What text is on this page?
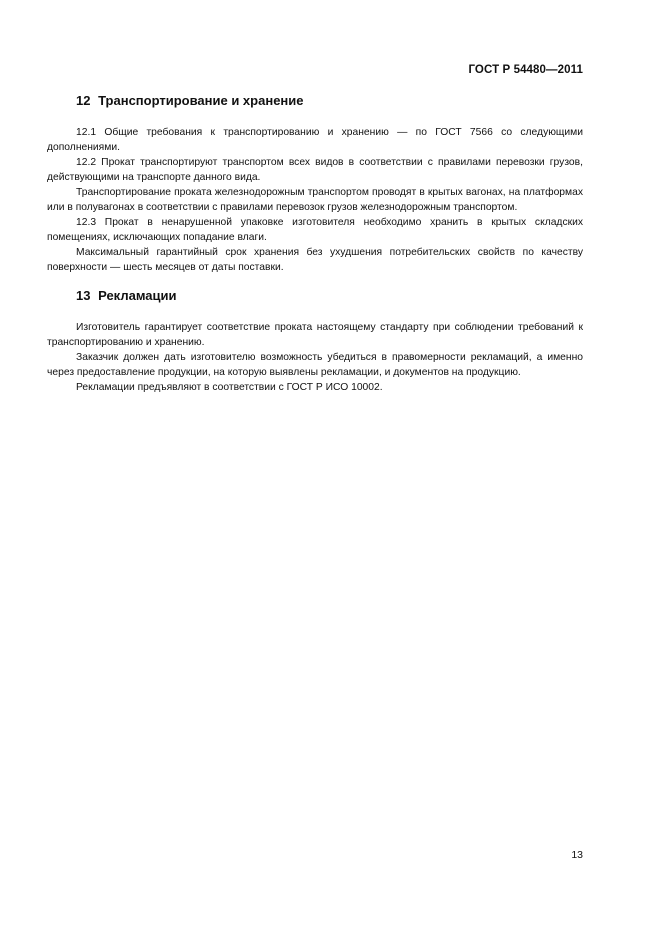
ГОСТ Р 54480—2011
12 Транспортирование и хранение

12.1 Общие требования к транспортированию и хранению — по ГОСТ 7566 со следующими дополнениями.

12.2 Прокат транспортируют транспортом всех видов в соответствии с правилами перевозки грузов, действующими на транспорте данного вида.

Транспортирование проката железнодорожным транспортом проводят в крытых вагонах, на платформах или в полувагонах в соответствии с правилами перевозок грузов железнодорожным транспортом.

12.3 Прокат в ненарушенной упаковке изготовителя необходимо хранить в крытых складских помещениях, исключающих попадание влаги.

Максимальный гарантийный срок хранения без ухудшения потребительских свойств по качеству поверхности — шесть месяцев от даты поставки.

13 Рекламации

Изготовитель гарантирует соответствие проката настоящему стандарту при соблюдении требований к транспортированию и хранению.

Заказчик должен дать изготовителю возможность убедиться в правомерности рекламаций, а именно через предоставление продукции, на которую выявлены рекламации, и документов на продукцию.

Рекламации предъявляют в соответствии с ГОСТ Р ИСО 10002.

13
